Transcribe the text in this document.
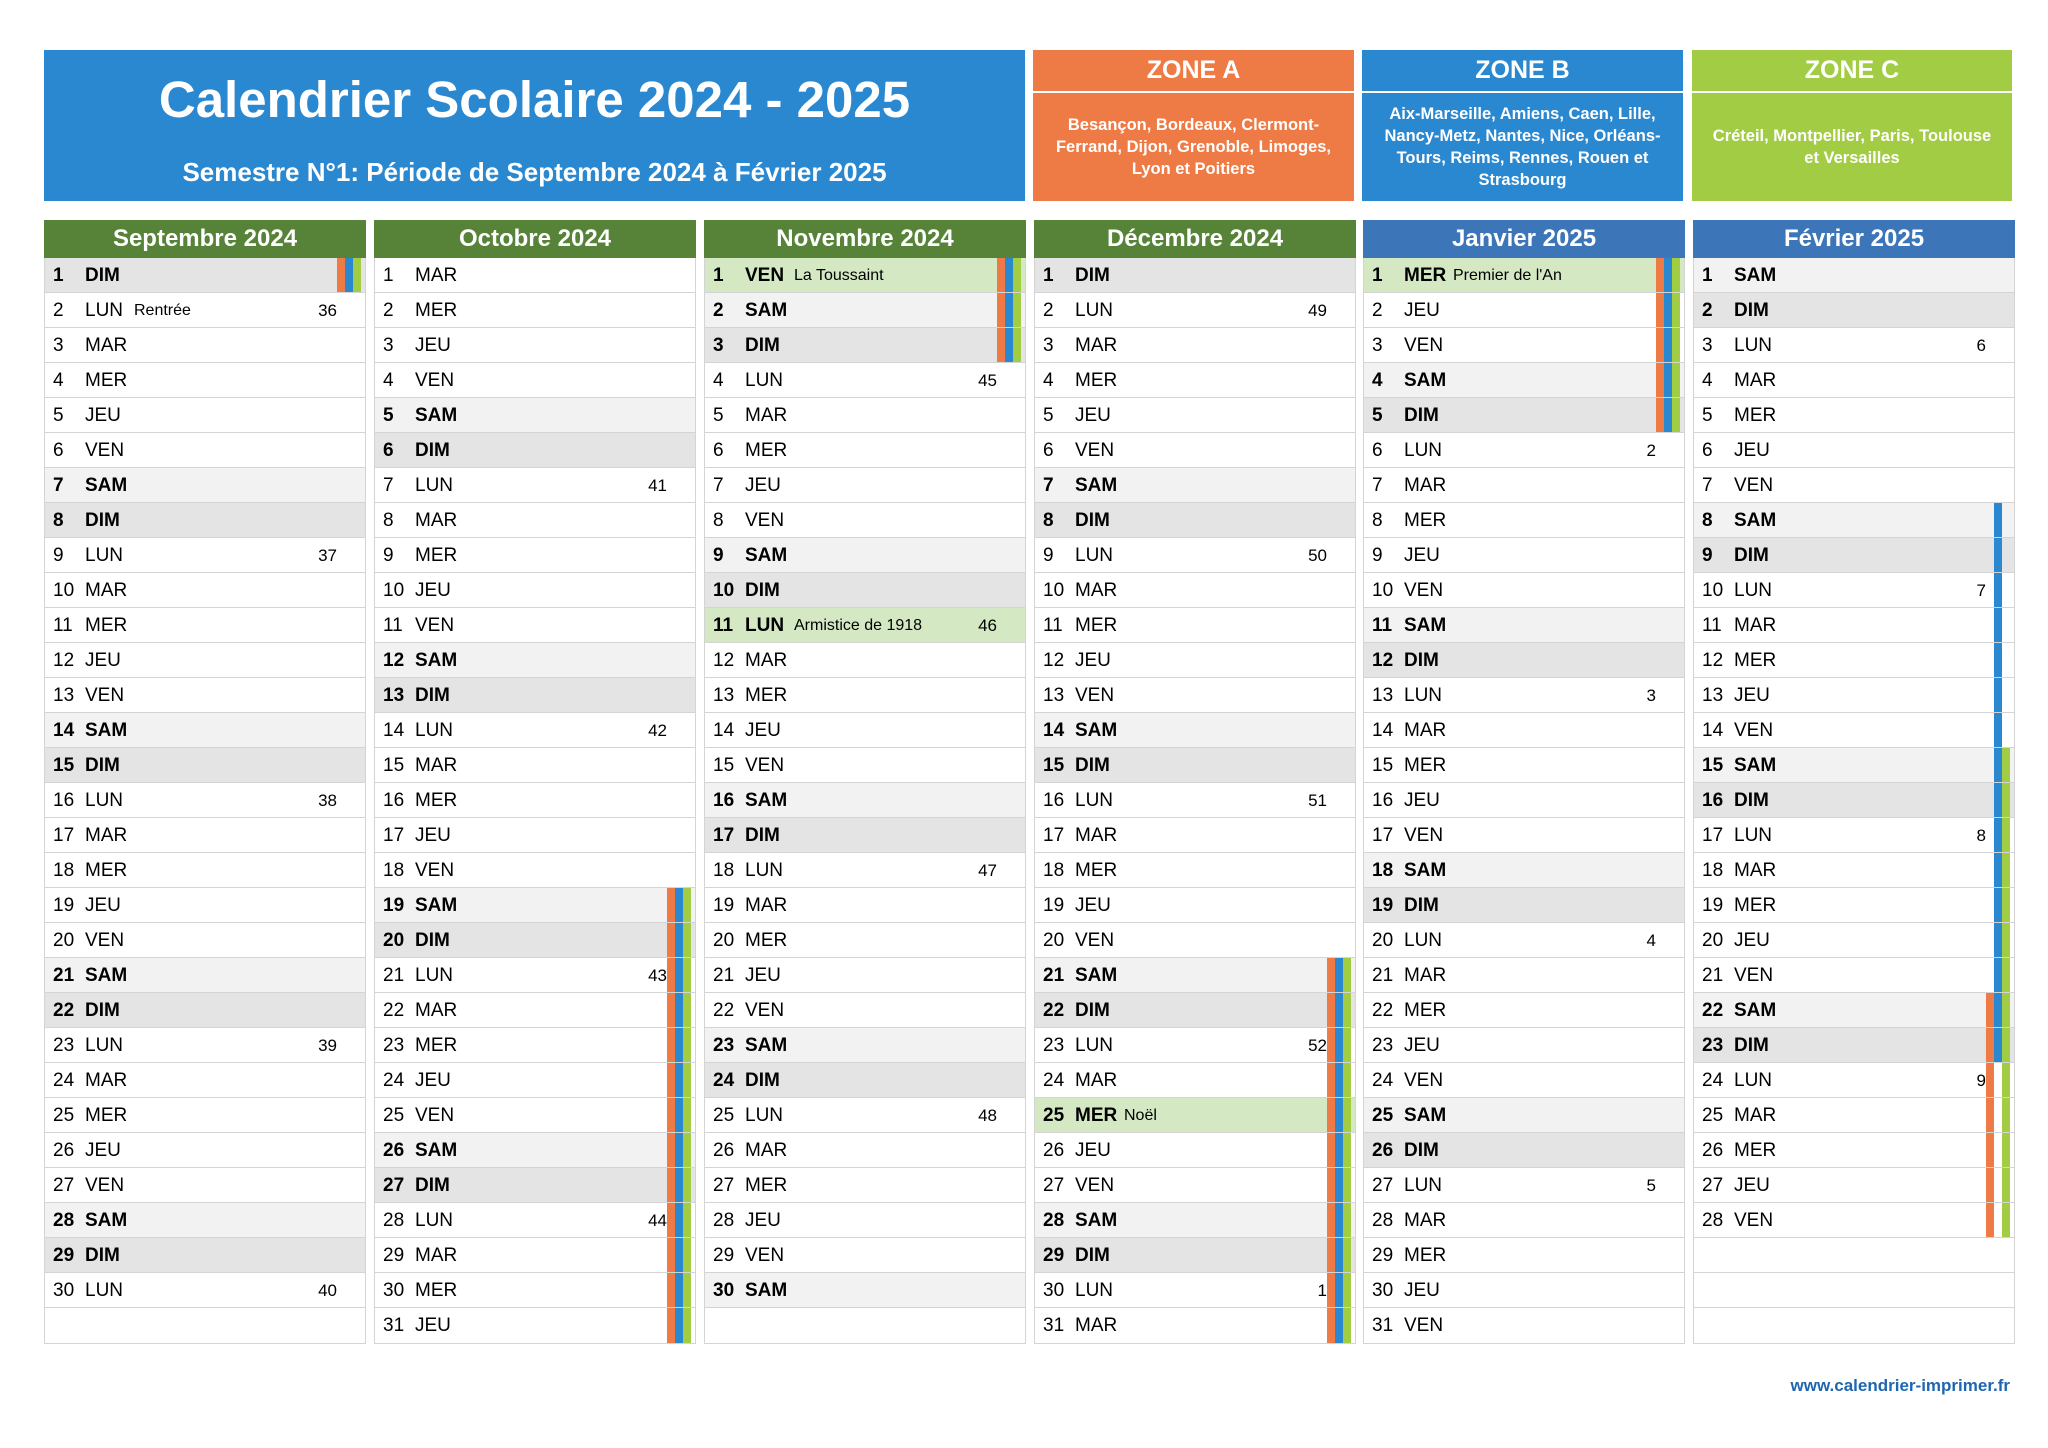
Calendrier Scolaire 2024 - 2025
Semestre N°1: Période de Septembre 2024 à Février 2025
ZONE A
Besançon, Bordeaux, Clermont-Ferrand, Dijon, Grenoble, Limoges, Lyon et Poitiers
ZONE B
Aix-Marseille, Amiens, Caen, Lille, Nancy-Metz, Nantes, Nice, Orléans-Tours, Reims, Rennes, Rouen et Strasbourg
ZONE C
Créteil, Montpellier, Paris, Toulouse et Versailles
Septembre 2024
1 DIM
2 LUN Rentrée	36
3 MAR
4 MER
5 JEU
6 VEN
7 SAM
8 DIM
9 LUN	37
10 MAR
11 MER
12 JEU
13 VEN
14 SAM
15 DIM
16 LUN	38
17 MAR
18 MER
19 JEU
20 VEN
21 SAM
22 DIM
23 LUN	39
24 MAR
25 MER
26 JEU
27 VEN
28 SAM
29 DIM
30 LUN	40
Octobre 2024
1 MAR
2 MER
3 JEU
4 VEN
5 SAM
6 DIM
7 LUN	41
8 MAR
9 MER
10 JEU
11 VEN
12 SAM
13 DIM
14 LUN	42
15 MAR
16 MER
17 JEU
18 VEN
19 SAM
20 DIM
21 LUN	43
22 MAR
23 MER
24 JEU
25 VEN
26 SAM
27 DIM
28 LUN	44
29 MAR
30 MER
31 JEU
Novembre 2024
1 VEN La Toussaint
2 SAM
3 DIM
4 LUN	45
5 MAR
6 MER
7 JEU
8 VEN
9 SAM
10 DIM
11 LUN Armistice de 1918	46
12 MAR
13 MER
14 JEU
15 VEN
16 SAM
17 DIM
18 LUN	47
19 MAR
20 MER
21 JEU
22 VEN
23 SAM
24 DIM
25 LUN	48
26 MAR
27 MER
28 JEU
29 VEN
30 SAM
Décembre 2024
1 DIM
2 LUN	49
3 MAR
4 MER
5 JEU
6 VEN
7 SAM
8 DIM
9 LUN	50
10 MAR
11 MER
12 JEU
13 VEN
14 SAM
15 DIM
16 LUN	51
17 MAR
18 MER
19 JEU
20 VEN
21 SAM
22 DIM
23 LUN	52
24 MAR
25 MER Noël
26 JEU
27 VEN
28 SAM
29 DIM
30 LUN	1
31 MAR
Janvier 2025
1 MER Premier de l'An
2 JEU
3 VEN
4 SAM
5 DIM
6 LUN	2
7 MAR
8 MER
9 JEU
10 VEN
11 SAM
12 DIM
13 LUN	3
14 MAR
15 MER
16 JEU
17 VEN
18 SAM
19 DIM
20 LUN	4
21 MAR
22 MER
23 JEU
24 VEN
25 SAM
26 DIM
27 LUN	5
28 MAR
29 MER
30 JEU
31 VEN
Février 2025
1 SAM
2 DIM
3 LUN	6
4 MAR
5 MER
6 JEU
7 VEN
8 SAM
9 DIM
10 LUN	7
11 MAR
12 MER
13 JEU
14 VEN
15 SAM
16 DIM
17 LUN	8
18 MAR
19 MER
20 JEU
21 VEN
22 SAM
23 DIM
24 LUN	9
25 MAR
26 MER
27 JEU
28 VEN
www.calendrier-imprimer.fr
